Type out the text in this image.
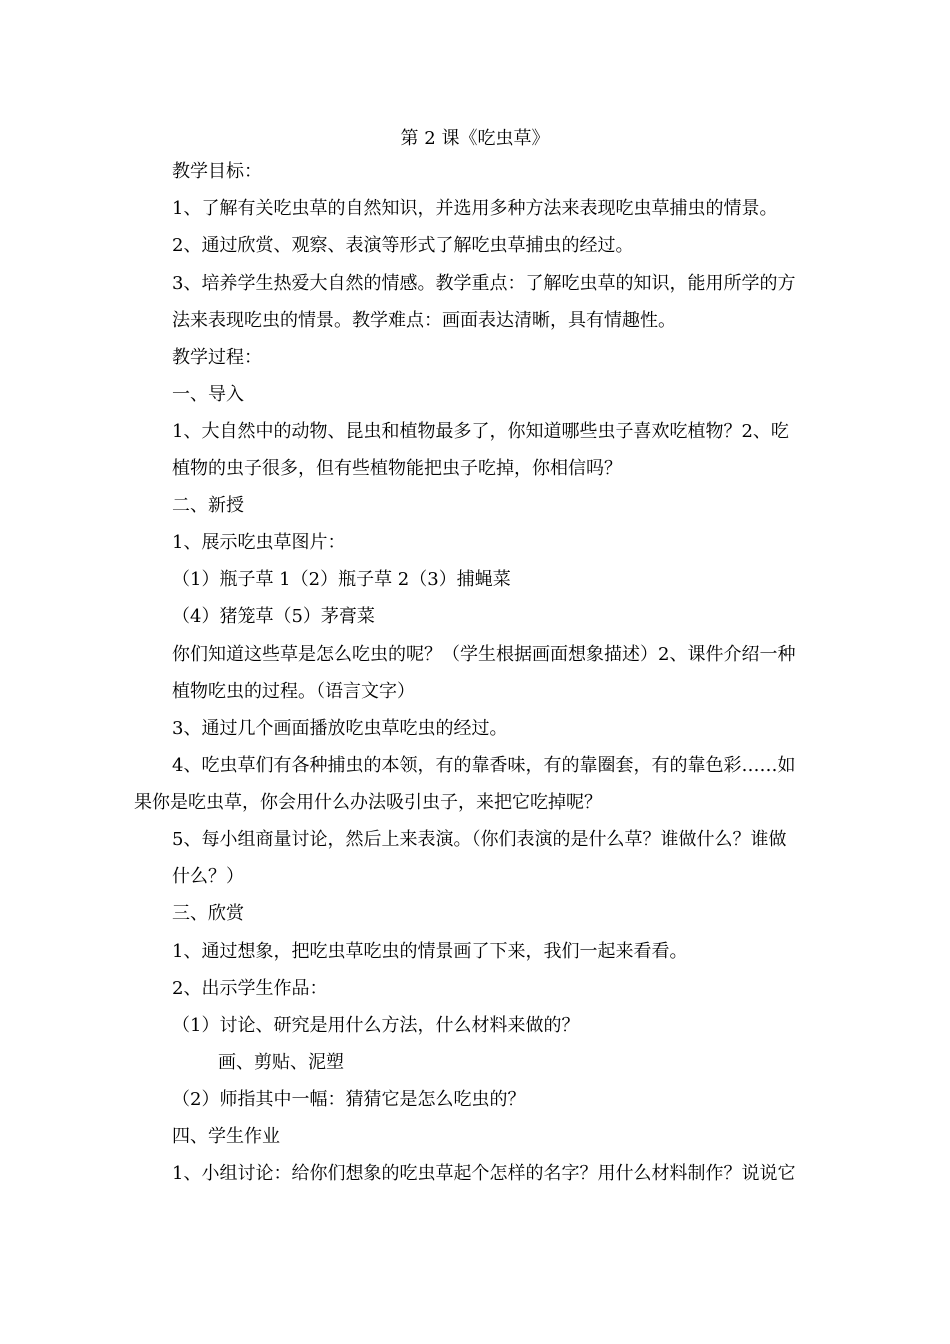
第 2 课《吃虫草》
教学目标：
1、了解有关吃虫草的自然知识，并选用多种方法来表现吃虫草捕虫的情景。
2、通过欣赏、观察、表演等形式了解吃虫草捕虫的经过。
3、培养学生热爱大自然的情感。教学重点：了解吃虫草的知识，能用所学的方
法来表现吃虫的情景。教学难点：画面表达清晰，具有情趣性。
教学过程：
一、导入
1、大自然中的动物、昆虫和植物最多了，你知道哪些虫子喜欢吃植物？2、吃
植物的虫子很多，但有些植物能把虫子吃掉，你相信吗？
二、新授
1、展示吃虫草图片：
（1）瓶子草 1（2）瓶子草 2（3）捕蝇菜
（4）猪笼草（5）茅膏菜
你们知道这些草是怎么吃虫的呢？（学生根据画面想象描述）2、课件介绍一种
植物吃虫的过程。（语言文字）
3、通过几个画面播放吃虫草吃虫的经过。
4、吃虫草们有各种捕虫的本领，有的靠香味，有的靠圈套，有的靠色彩……如
果你是吃虫草，你会用什么办法吸引虫子，来把它吃掉呢？
5、每小组商量讨论，然后上来表演。（你们表演的是什么草？谁做什么？谁做
什么？）
三、欣赏
1、通过想象，把吃虫草吃虫的情景画了下来，我们一起来看看。
2、出示学生作品：
（1）讨论、研究是用什么方法，什么材料来做的？
画、剪贴、泥塑
（2）师指其中一幅：猜猜它是怎么吃虫的？
四、学生作业
1、小组讨论：给你们想象的吃虫草起个怎样的名字？用什么材料制作？说说它
